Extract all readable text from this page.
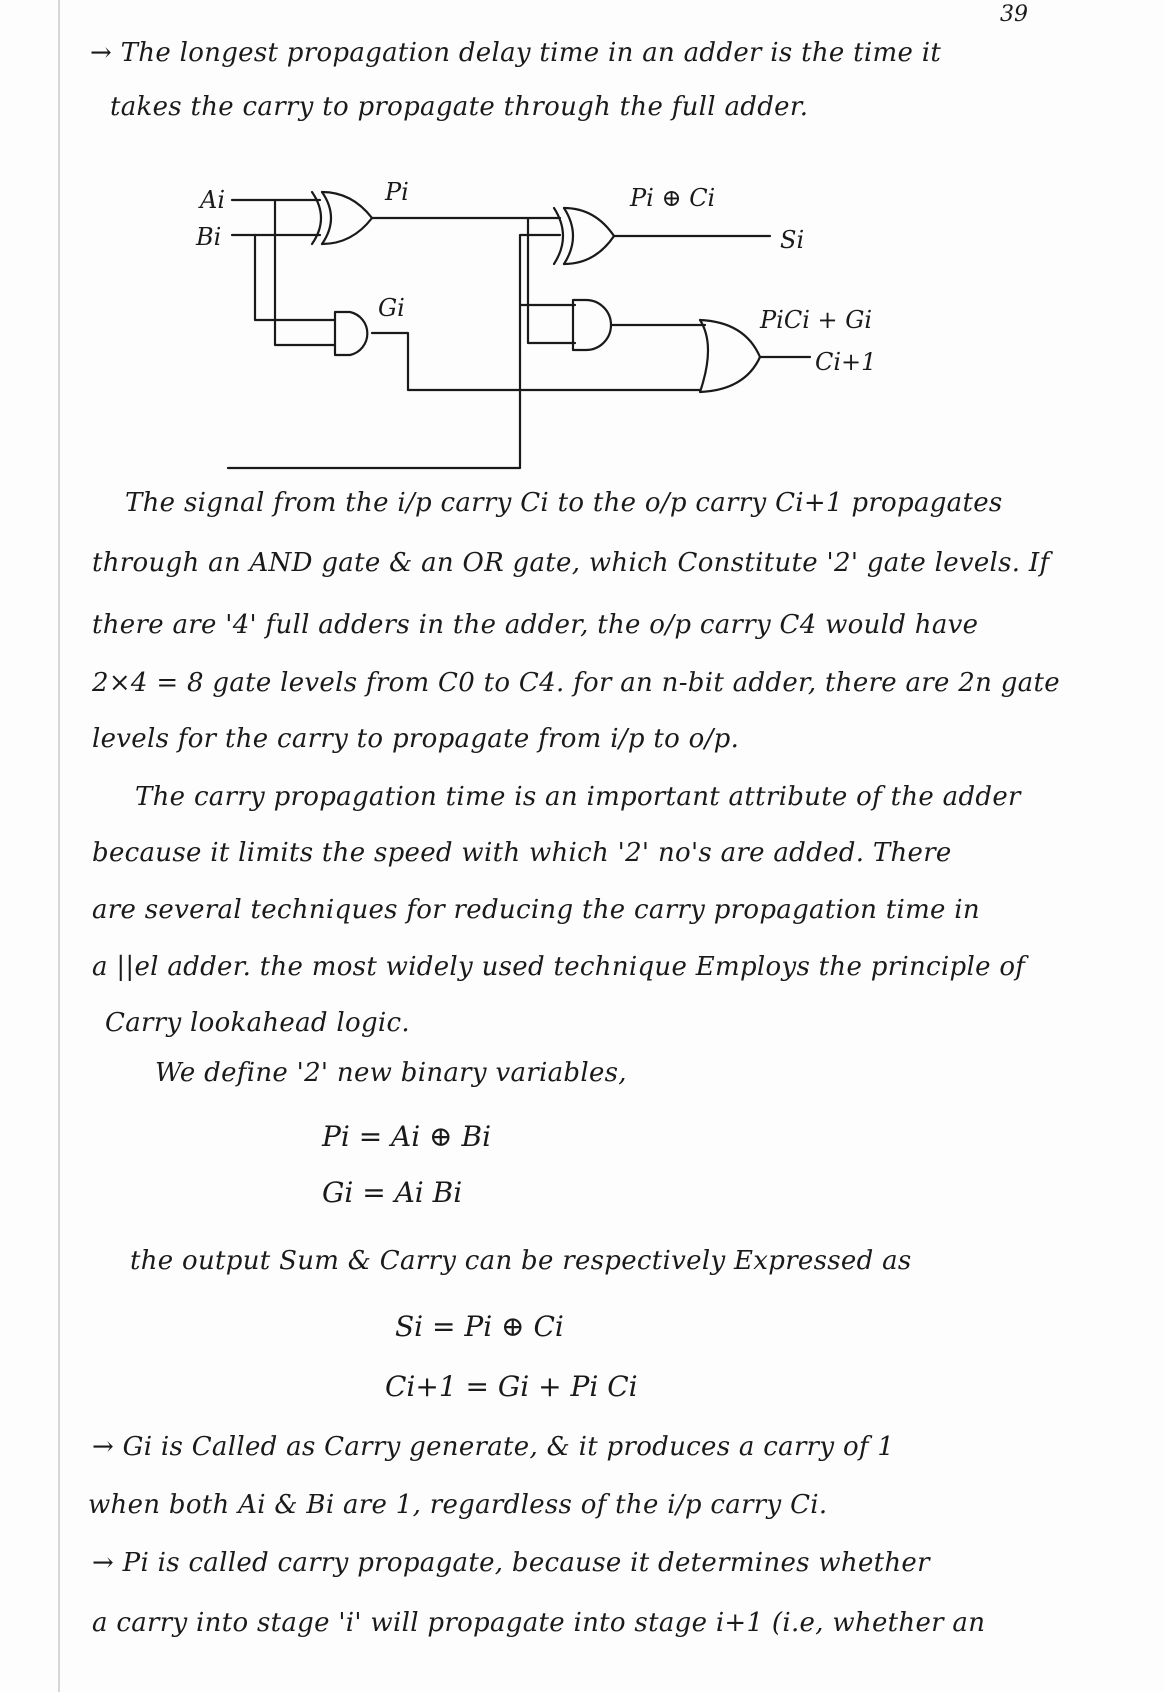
39
→ The longest propagation delay time in an adder is the time it
takes the carry to propagate through the full adder.
Ai
Bi
Pi
Gi
Pi ⊕ Ci
Si
PiCi + Gi
Ci+1
The signal from the i/p carry Ci to the o/p carry Ci+1 propagates
through an AND gate & an OR gate, which Constitute '2' gate levels. If
there are '4' full adders in the adder, the o/p carry C4 would have
2×4 = 8 gate levels from C0 to C4. for an n-bit adder, there are 2n gate
levels for the carry to propagate from i/p to o/p.
The carry propagation time is an important attribute of the adder
because it limits the speed with which '2' no's are added. There
are several techniques for reducing the carry propagation time in
a ||el adder. the most widely used technique Employs the principle of
Carry lookahead logic.
We define '2' new binary variables,
Pi = Ai ⊕ Bi
Gi = Ai Bi
the output Sum & Carry can be respectively Expressed as
Si = Pi ⊕ Ci
Ci+1 = Gi + Pi Ci
→ Gi is Called as Carry generate, & it produces a carry of 1
when both Ai & Bi are 1, regardless of the i/p carry Ci.
→ Pi is called carry propagate, because it determines whether
a carry into stage 'i' will propagate into stage i+1 (i.e, whether an
